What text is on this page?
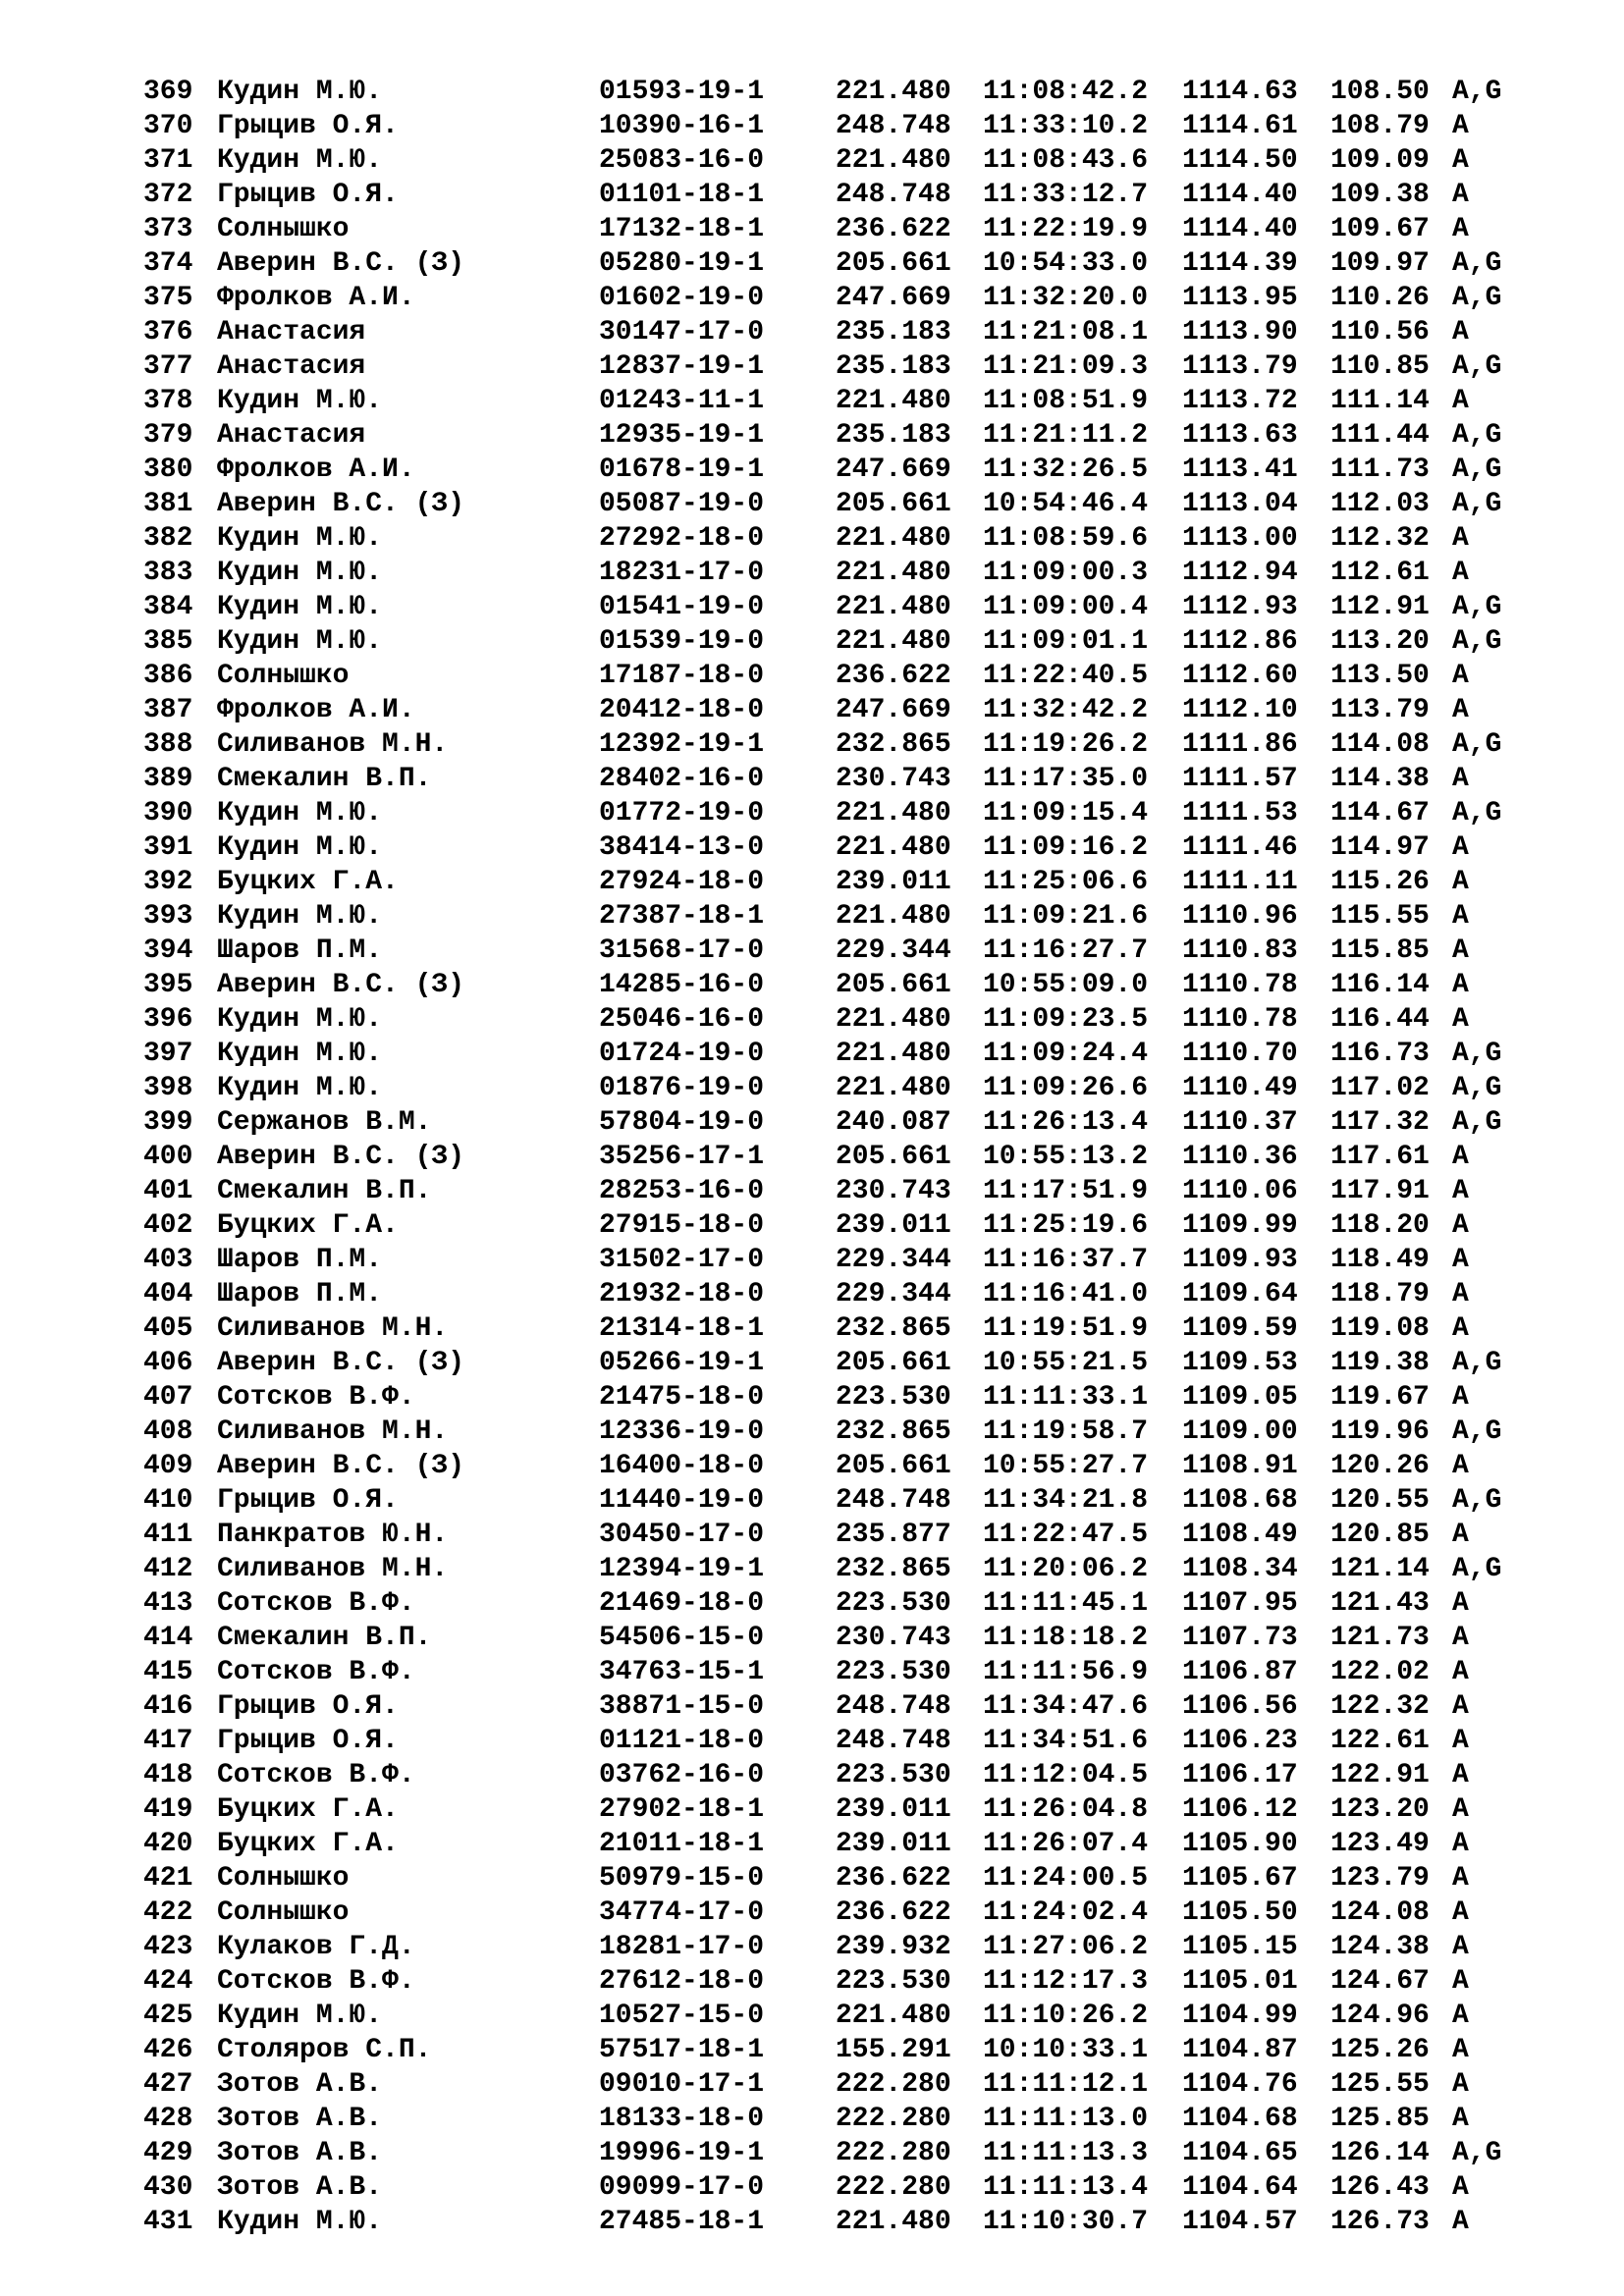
369 Кудин М.Ю.	01593-19-1	221.480 11:08:42.2 1114.63 108.50 A,G
370 Грыцив О.Я.	10390-16-1	248.748 11:33:10.2 1114.61 108.79 A
371 Кудин М.Ю.	25083-16-0	221.480 11:08:43.6 1114.50 109.09 A
372 Грыцив О.Я.	01101-18-1	248.748 11:33:12.7 1114.40 109.38 A
373 Солнышко	17132-18-1	236.622 11:22:19.9 1114.40 109.67 A
374 Аверин В.С. (З)	05280-19-1	205.661 10:54:33.0 1114.39 109.97 A,G
375 Фролков А.И.	01602-19-0	247.669 11:32:20.0 1113.95 110.26 A,G
376 Анастасия	30147-17-0	235.183 11:21:08.1 1113.90 110.56 A
377 Анастасия	12837-19-1	235.183 11:21:09.3 1113.79 110.85 A,G
378 Кудин М.Ю.	01243-11-1	221.480 11:08:51.9 1113.72 111.14 A
379 Анастасия	12935-19-1	235.183 11:21:11.2 1113.63 111.44 A,G
380 Фролков А.И.	01678-19-1	247.669 11:32:26.5 1113.41 111.73 A,G
381 Аверин В.С. (З)	05087-19-0	205.661 10:54:46.4 1113.04 112.03 A,G
382 Кудин М.Ю.	27292-18-0	221.480 11:08:59.6 1113.00 112.32 A
383 Кудин М.Ю.	18231-17-0	221.480 11:09:00.3 1112.94 112.61 A
384 Кудин М.Ю.	01541-19-0	221.480 11:09:00.4 1112.93 112.91 A,G
385 Кудин М.Ю.	01539-19-0	221.480 11:09:01.1 1112.86 113.20 A,G
386 Солнышко	17187-18-0	236.622 11:22:40.5 1112.60 113.50 A
387 Фролков А.И.	20412-18-0	247.669 11:32:42.2 1112.10 113.79 A
388 Силиванов М.Н.	12392-19-1	232.865 11:19:26.2 1111.86 114.08 A,G
389 Смекалин В.П.	28402-16-0	230.743 11:17:35.0 1111.57 114.38 A
390 Кудин М.Ю.	01772-19-0	221.480 11:09:15.4 1111.53 114.67 A,G
391 Кудин М.Ю.	38414-13-0	221.480 11:09:16.2 1111.46 114.97 A
392 Буцких Г.А.	27924-18-0	239.011 11:25:06.6 1111.11 115.26 A
393 Кудин М.Ю.	27387-18-1	221.480 11:09:21.6 1110.96 115.55 A
394 Шаров П.М.	31568-17-0	229.344 11:16:27.7 1110.83 115.85 A
395 Аверин В.С. (З)	14285-16-0	205.661 10:55:09.0 1110.78 116.14 A
396 Кудин М.Ю.	25046-16-0	221.480 11:09:23.5 1110.78 116.44 A
397 Кудин М.Ю.	01724-19-0	221.480 11:09:24.4 1110.70 116.73 A,G
398 Кудин М.Ю.	01876-19-0	221.480 11:09:26.6 1110.49 117.02 A,G
399 Сержанов В.М.	57804-19-0	240.087 11:26:13.4 1110.37 117.32 A,G
400 Аверин В.С. (З)	35256-17-1	205.661 10:55:13.2 1110.36 117.61 A
401 Смекалин В.П.	28253-16-0	230.743 11:17:51.9 1110.06 117.91 A
402 Буцких Г.А.	27915-18-0	239.011 11:25:19.6 1109.99 118.20 A
403 Шаров П.М.	31502-17-0	229.344 11:16:37.7 1109.93 118.49 A
404 Шаров П.М.	21932-18-0	229.344 11:16:41.0 1109.64 118.79 A
405 Силиванов М.Н.	21314-18-1	232.865 11:19:51.9 1109.59 119.08 A
406 Аверин В.С. (З)	05266-19-1	205.661 10:55:21.5 1109.53 119.38 A,G
407 Сотсков В.Ф.	21475-18-0	223.530 11:11:33.1 1109.05 119.67 A
408 Силиванов М.Н.	12336-19-0	232.865 11:19:58.7 1109.00 119.96 A,G
409 Аверин В.С. (З)	16400-18-0	205.661 10:55:27.7 1108.91 120.26 A
410 Грыцив О.Я.	11440-19-0	248.748 11:34:21.8 1108.68 120.55 A,G
411 Панкратов Ю.Н.	30450-17-0	235.877 11:22:47.5 1108.49 120.85 A
412 Силиванов М.Н.	12394-19-1	232.865 11:20:06.2 1108.34 121.14 A,G
413 Сотсков В.Ф.	21469-18-0	223.530 11:11:45.1 1107.95 121.43 A
414 Смекалин В.П.	54506-15-0	230.743 11:18:18.2 1107.73 121.73 A
415 Сотсков В.Ф.	34763-15-1	223.530 11:11:56.9 1106.87 122.02 A
416 Грыцив О.Я.	38871-15-0	248.748 11:34:47.6 1106.56 122.32 A
417 Грыцив О.Я.	01121-18-0	248.748 11:34:51.6 1106.23 122.61 A
418 Сотсков В.Ф.	03762-16-0	223.530 11:12:04.5 1106.17 122.91 A
419 Буцких Г.А.	27902-18-1	239.011 11:26:04.8 1106.12 123.20 A
420 Буцких Г.А.	21011-18-1	239.011 11:26:07.4 1105.90 123.49 A
421 Солнышко	50979-15-0	236.622 11:24:00.5 1105.67 123.79 A
422 Солнышко	34774-17-0	236.622 11:24:02.4 1105.50 124.08 A
423 Кулаков Г.Д.	18281-17-0	239.932 11:27:06.2 1105.15 124.38 A
424 Сотсков В.Ф.	27612-18-0	223.530 11:12:17.3 1105.01 124.67 A
425 Кудин М.Ю.	10527-15-0	221.480 11:10:26.2 1104.99 124.96 A
426 Столяров С.П.	57517-18-1	155.291 10:10:33.1 1104.87 125.26 A
427 Зотов А.В.	09010-17-1	222.280 11:11:12.1 1104.76 125.55 A
428 Зотов А.В.	18133-18-0	222.280 11:11:13.0 1104.68 125.85 A
429 Зотов А.В.	19996-19-1	222.280 11:11:13.3 1104.65 126.14 A,G
430 Зотов А.В.	09099-17-0	222.280 11:11:13.4 1104.64 126.43 A
431 Кудин М.Ю.	27485-18-1	221.480 11:10:30.7 1104.57 126.73 A
